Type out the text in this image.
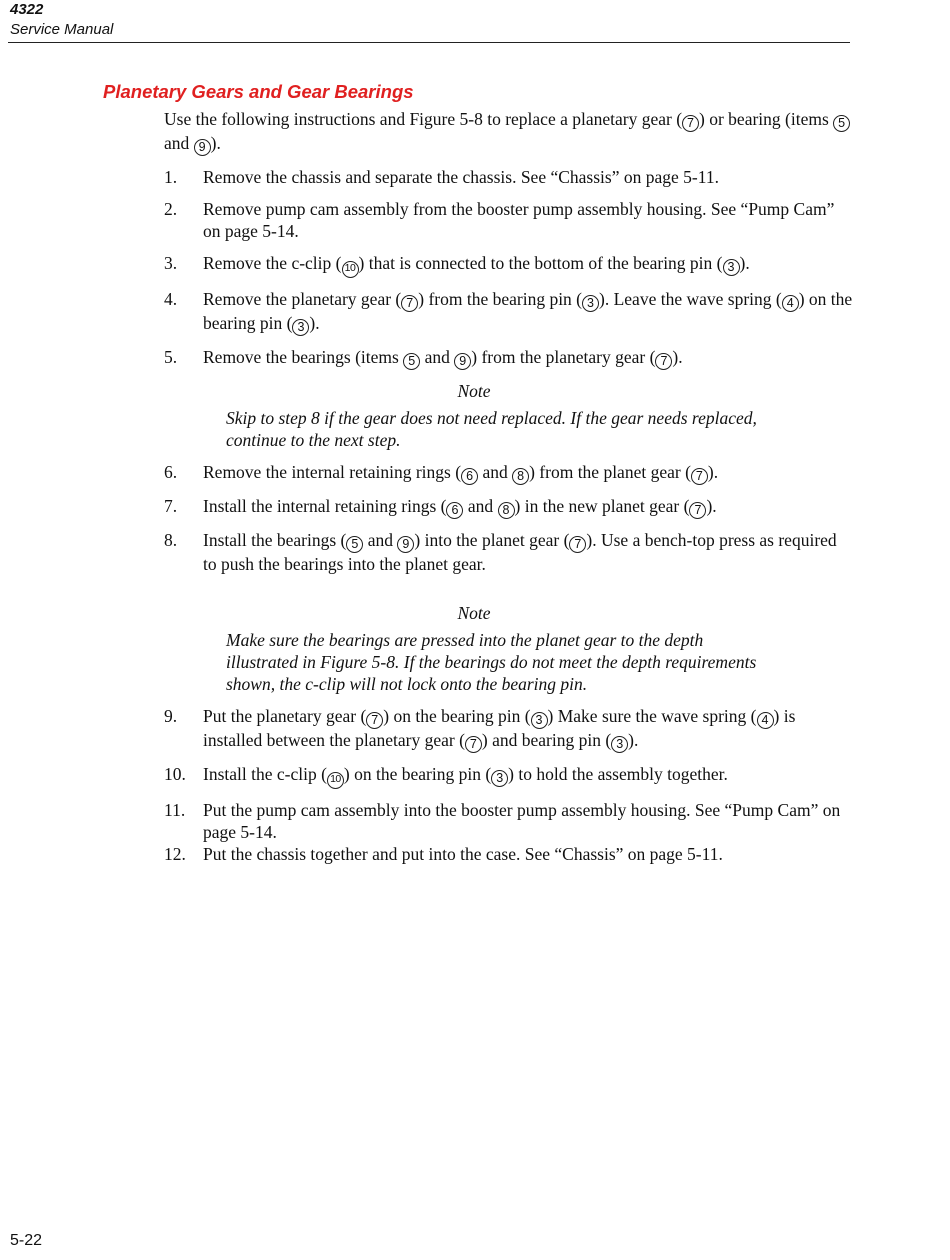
4322
Service Manual
Planetary Gears and Gear Bearings
Use the following instructions and Figure 5-8 to replace a planetary gear ( 7 ) or bearing (items 5 and 9 ).
1.	Remove the chassis and separate the chassis. See “Chassis” on page 5-11.
2.	Remove pump cam assembly from the booster pump assembly housing. See “Pump Cam” on page 5-14.
3.	Remove the c-clip ( 10 ) that is connected to the bottom of the bearing pin ( 3 ).
4.	Remove the planetary gear ( 7 ) from the bearing pin ( 3 ). Leave the wave spring ( 4 ) on the bearing pin ( 3 ).
5.	Remove the bearings (items 5 and 9 ) from the planetary gear ( 7 ).
Note
Skip to step 8 if the gear does not need replaced. If the gear needs replaced, continue to the next step.
6.	Remove the internal retaining rings ( 6 and 8 ) from the planet gear ( 7 ).
7.	Install the internal retaining rings ( 6 and 8 ) in the new planet gear ( 7 ).
8.	Install the bearings ( 5 and 9 ) into the planet gear ( 7 ). Use a bench-top press as required to push the bearings into the planet gear.
Note
Make sure the bearings are pressed into the planet gear to the depth illustrated in Figure 5-8. If the bearings do not meet the depth requirements shown, the c-clip will not lock onto the bearing pin.
9.	Put the planetary gear ( 7 ) on the bearing pin ( 3 ) Make sure the wave spring ( 4 ) is installed between the planetary gear ( 7 ) and bearing pin ( 3 ).
10. Install the c-clip ( 10 ) on the bearing pin ( 3 ) to hold the assembly together.
11.	Put the pump cam assembly into the booster pump assembly housing. See “Pump Cam” on page 5-14.
12. Put the chassis together and put into the case. See “Chassis” on page 5-11.
5-22
